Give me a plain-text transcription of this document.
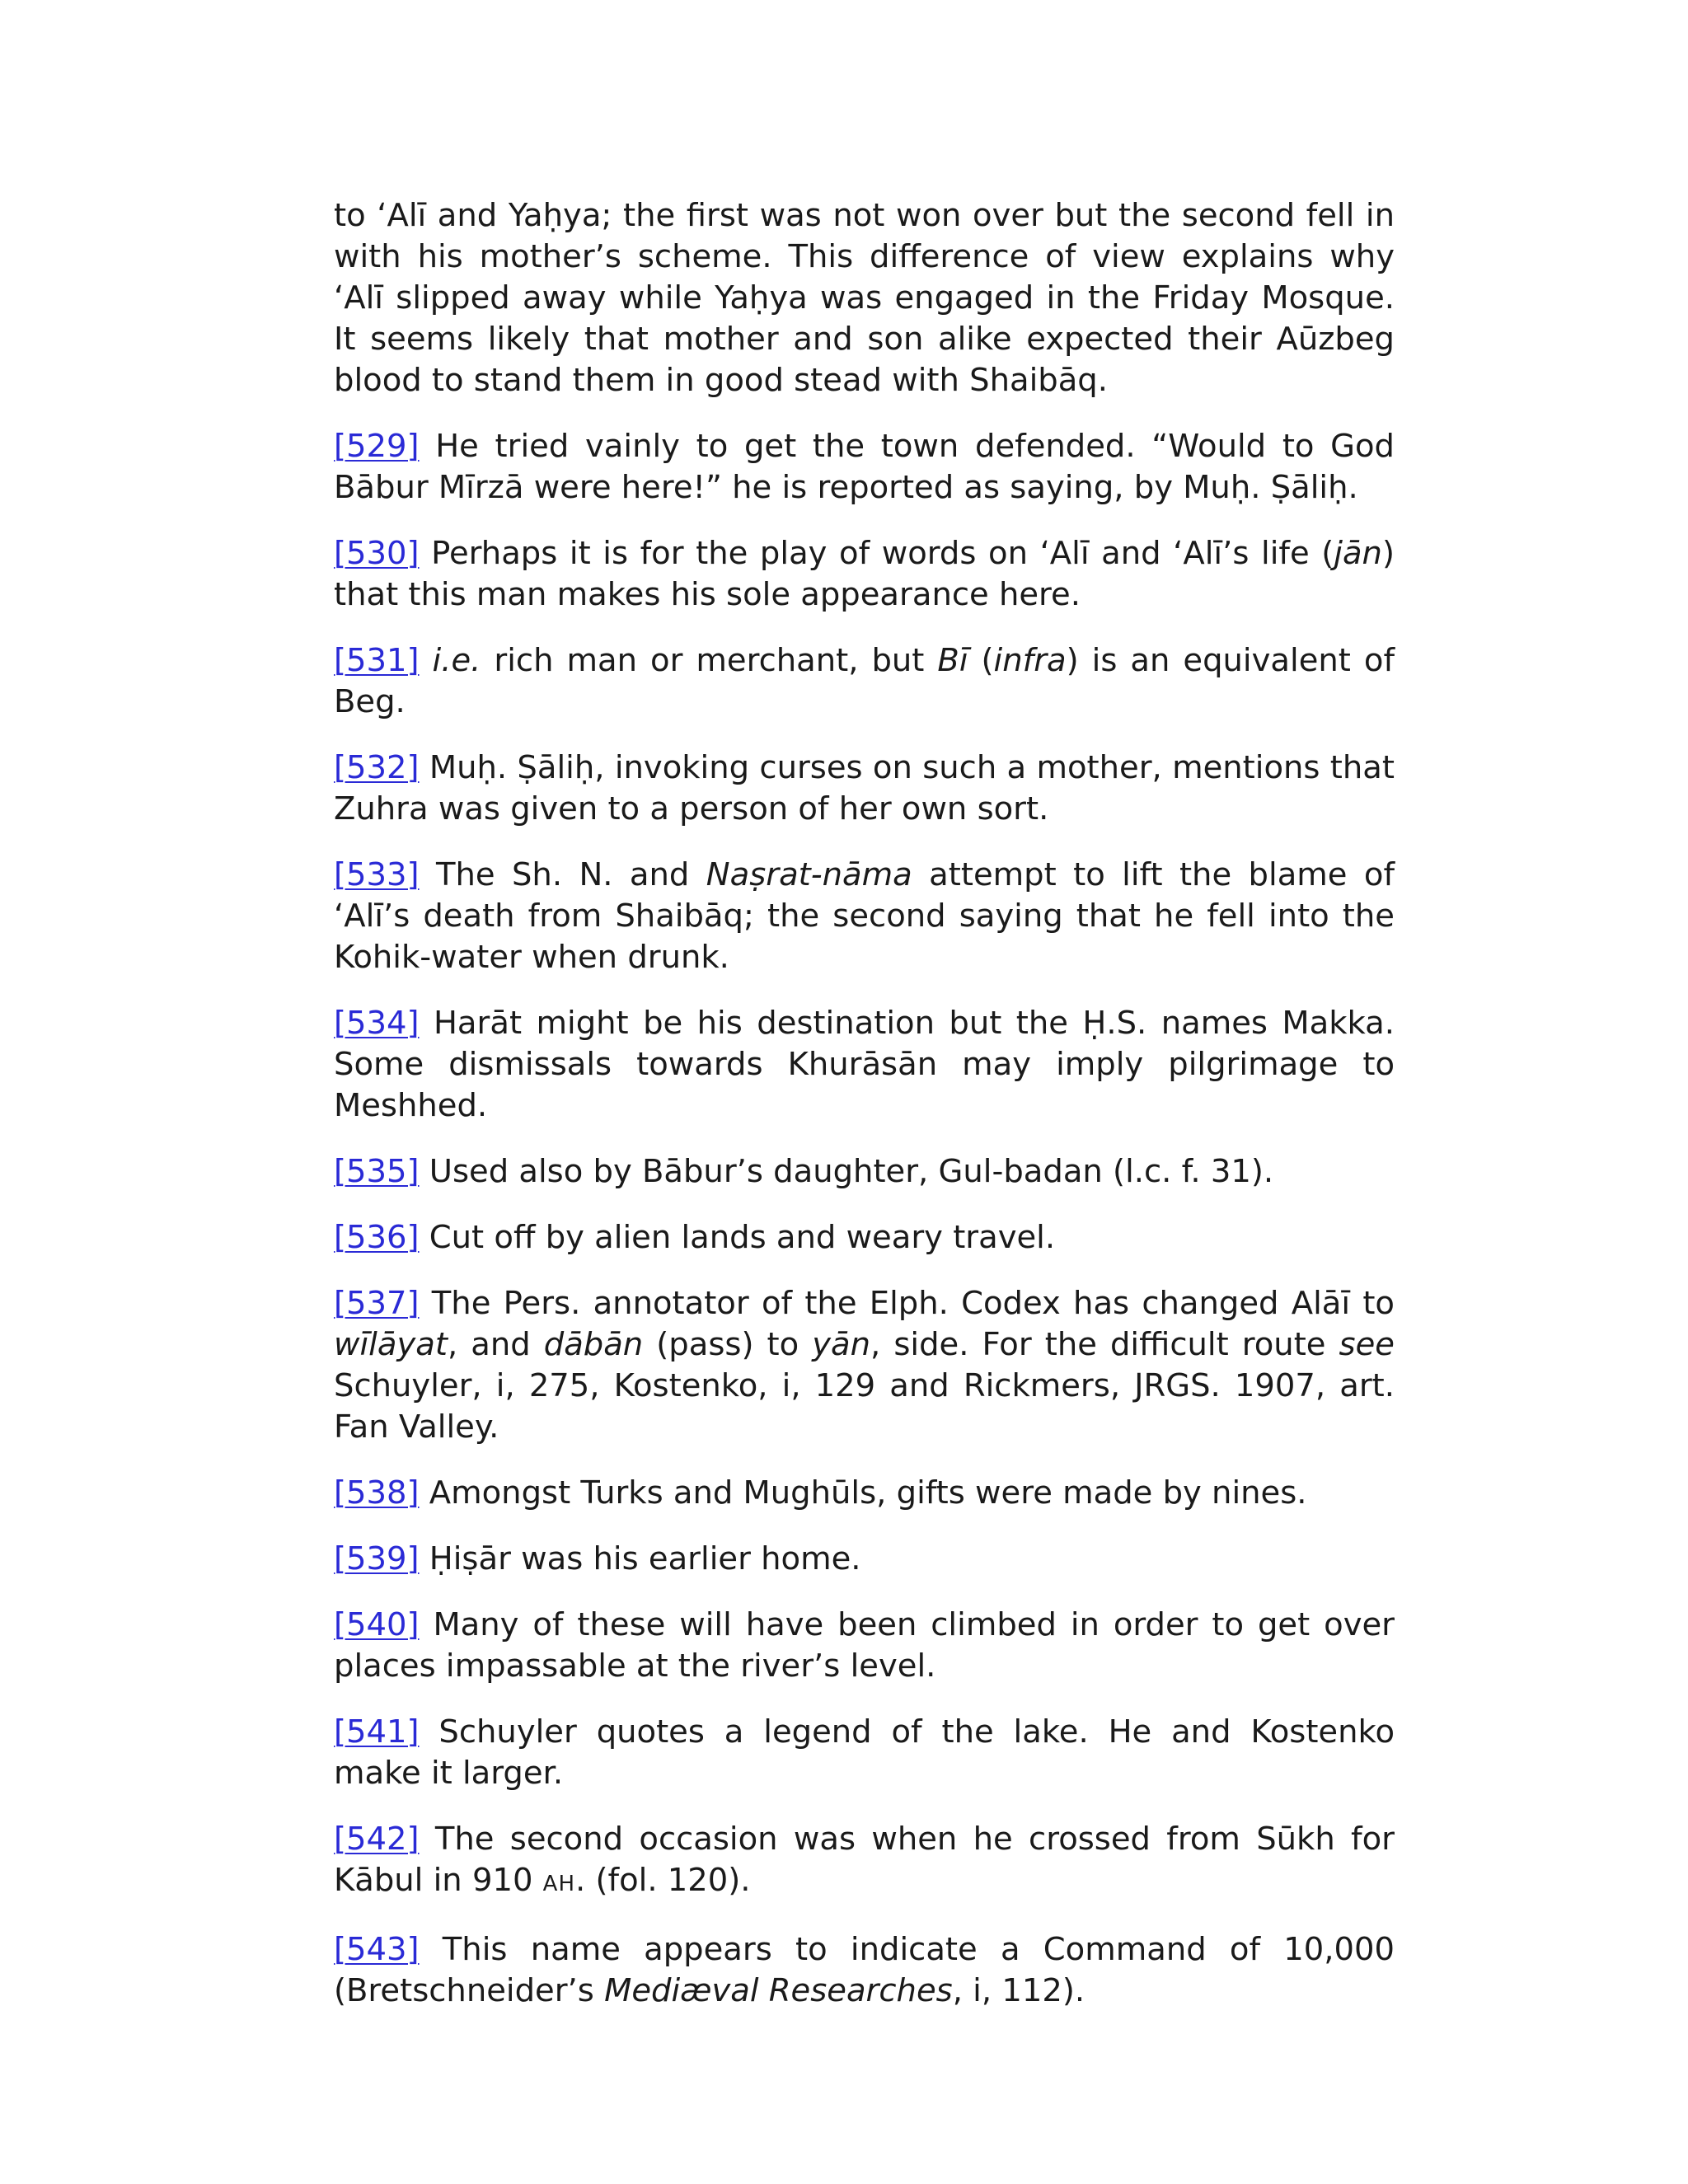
to ‘Alī and Yaḥya; the first was not won over but the second fell in with his mother’s scheme. This difference of view explains why ‘Alī slipped away while Yaḥya was engaged in the Friday Mosque. It seems likely that mother and son alike expected their Aūzbeg blood to stand them in good stead with Shaibāq.

[529] He tried vainly to get the town defended. “Would to God Bābur Mīrzā were here!” he is reported as saying, by Muḥ. Ṣāliḥ.

[530] Perhaps it is for the play of words on ‘Alī and ‘Alī’s life (jān) that this man makes his sole appearance here.

[531] i.e. rich man or merchant, but Bī (infra) is an equivalent of Beg.

[532] Muḥ. Ṣāliḥ, invoking curses on such a mother, mentions that Zuhra was given to a person of her own sort.

[533] The Sh. N. and Naṣrat-nāma attempt to lift the blame of ‘Alī’s death from Shaibāq; the second saying that he fell into the Kohik-water when drunk.

[534] Harāt might be his destination but the Ḥ.S. names Makka. Some dismissals towards Khurāsān may imply pilgrimage to Meshhed.

[535] Used also by Bābur’s daughter, Gul-badan (l.c. f. 31).

[536] Cut off by alien lands and weary travel.

[537] The Pers. annotator of the Elph. Codex has changed Alāī to wīlāyat, and dābān (pass) to yān, side. For the difficult route see Schuyler, i, 275, Kostenko, i, 129 and Rickmers, JRGS. 1907, art. Fan Valley.

[538] Amongst Turks and Mughūls, gifts were made by nines.

[539] Ḥiṣār was his earlier home.

[540] Many of these will have been climbed in order to get over places impassable at the river’s level.

[541] Schuyler quotes a legend of the lake. He and Kostenko make it larger.

[542] The second occasion was when he crossed from Sūkh for Kābul in 910 AH. (fol. 120).

[543] This name appears to indicate a Command of 10,000 (Bretschneider’s Mediæval Researches, i, 112).
